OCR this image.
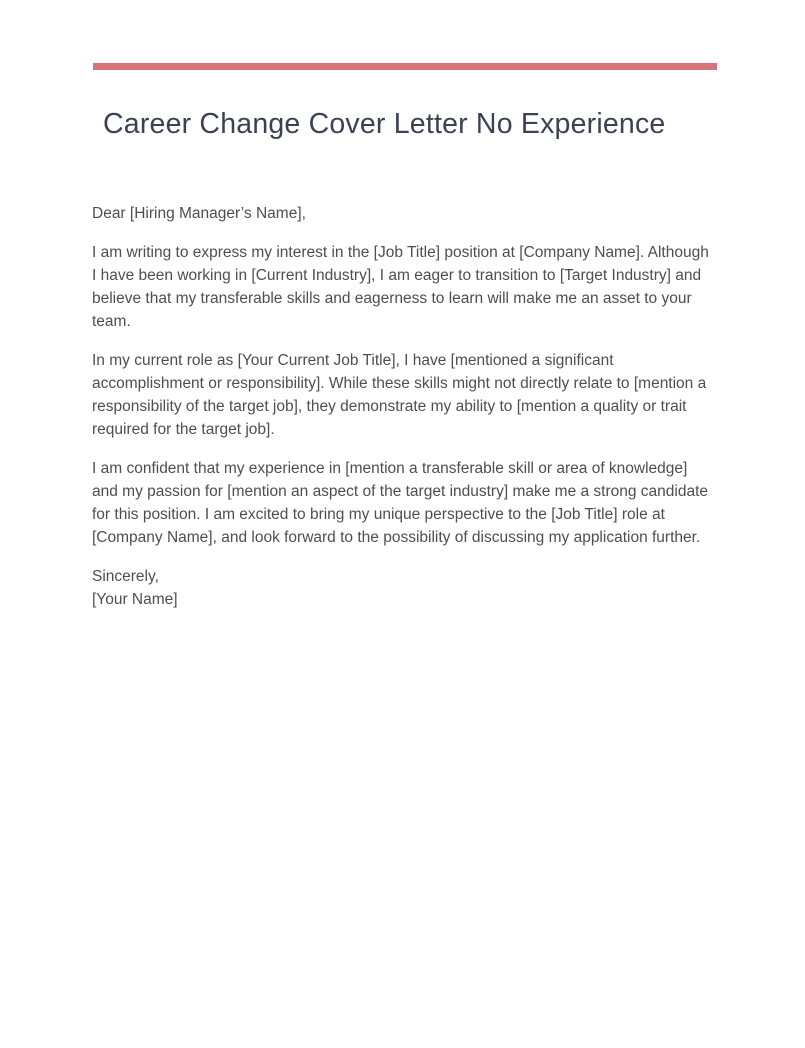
Career Change Cover Letter No Experience

Dear [Hiring Manager’s Name],

I am writing to express my interest in the [Job Title] position at [Company Name]. Although I have been working in [Current Industry], I am eager to transition to [Target Industry] and believe that my transferable skills and eagerness to learn will make me an asset to your team.

In my current role as [Your Current Job Title], I have [mentioned a significant accomplishment or responsibility]. While these skills might not directly relate to [mention a responsibility of the target job], they demonstrate my ability to [mention a quality or trait required for the target job].

I am confident that my experience in [mention a transferable skill or area of knowledge] and my passion for [mention an aspect of the target industry] make me a strong candidate for this position. I am excited to bring my unique perspective to the [Job Title] role at [Company Name], and look forward to the possibility of discussing my application further.

Sincerely,

[Your Name]
